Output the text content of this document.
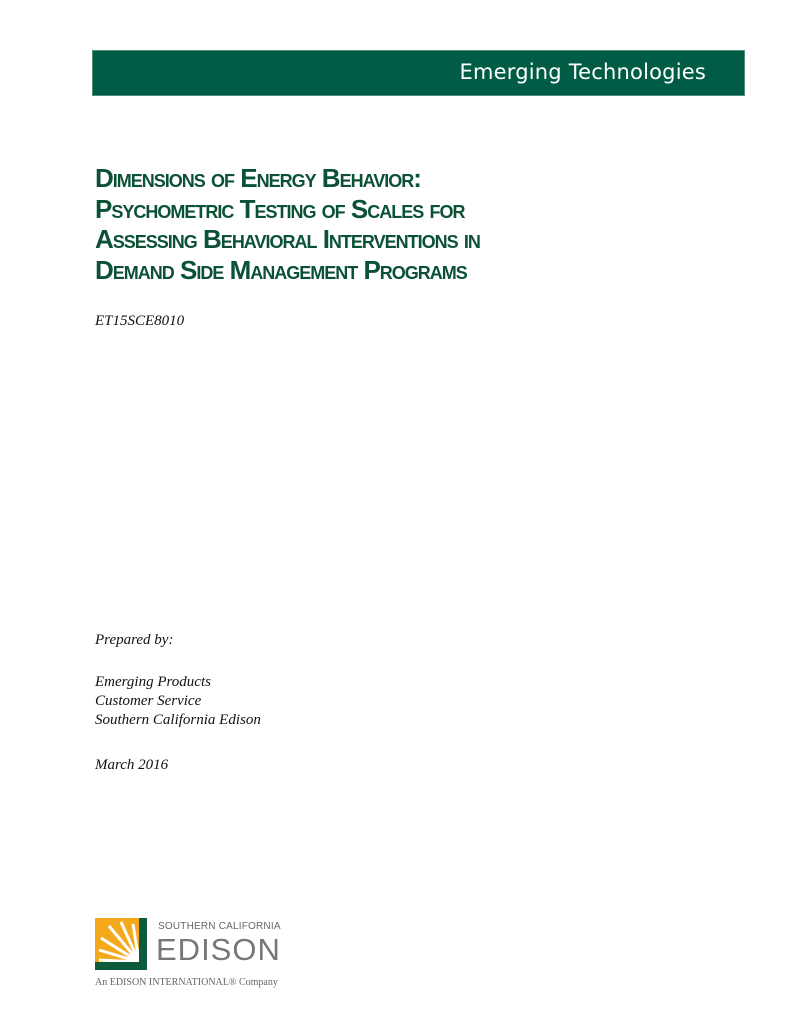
Emerging Technologies
Dimensions of Energy Behavior:
Psychometric Testing of Scales for
Assessing Behavioral Interventions in
Demand Side Management Programs
ET15SCE8010
Prepared by:
Emerging Products
Customer Service
Southern California Edison
March 2016
SOUTHERN CALIFORNIA
EDISON
An EDISON INTERNATIONAL® Company
